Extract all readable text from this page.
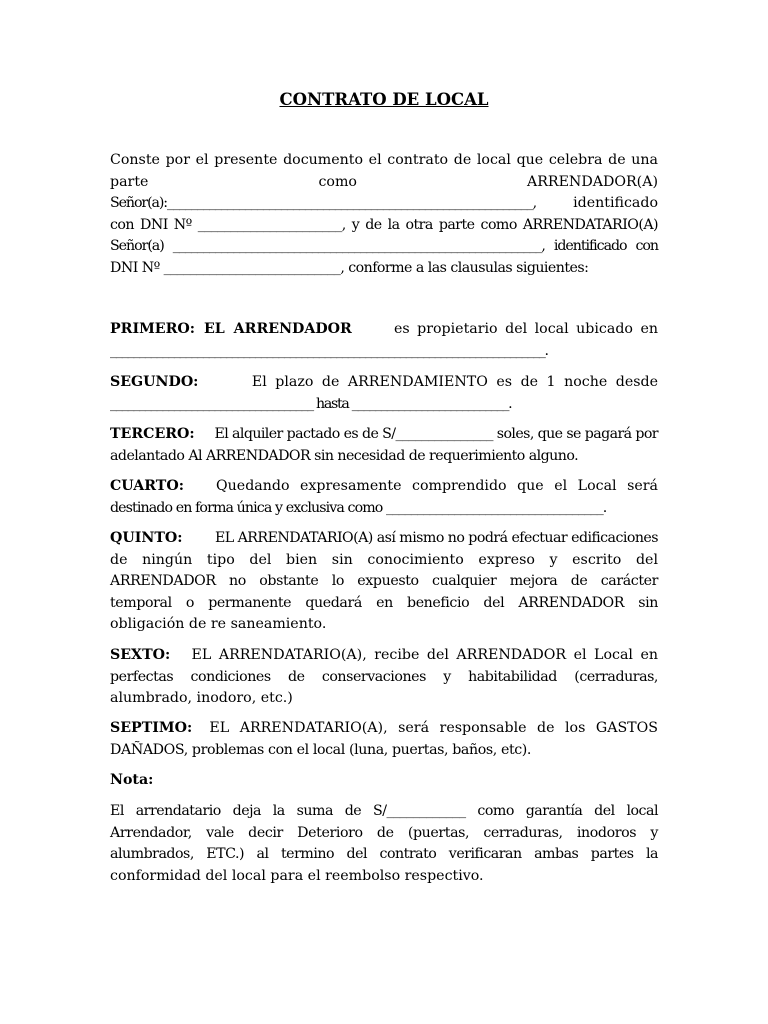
CONTRATO DE LOCAL
Conste por el presente documento el contrato de local que celebra de una
parte	como	ARRENDADOR(A)
Señor(a):_____________________________________________________________,	identificado
con DNI Nº ______________________, y de la otra parte como ARRENDATARIO(A)
Señor(a) _____________________________________________________________, identificado con
DNI Nº ___________________________, conforme a las clausulas siguientes:
PRIMERO: EL ARRENDADOR	es propietario del local ubicado en
___________________________________________________________________________.
SEGUNDO:	El plazo de ARRENDAMIENTO es de 1 noche desde
___________________________________ hasta ___________________________.
TERCERO: El alquiler pactado es de S/_______________ soles, que se pagará por
adelantado Al ARRENDADOR sin necesidad de requerimiento alguno.
CUARTO: Quedando expresamente comprendido que el Local será
destinado en forma única y exclusiva como ___________________________________.
QUINTO: EL ARRENDATARIO(A) así mismo no podrá efectuar edificaciones
de ningún tipo del bien sin conocimiento expreso y escrito del
ARRENDADOR no obstante lo expuesto cualquier mejora de carácter
temporal o permanente quedará en beneficio del ARRENDADOR sin
obligación de re saneamiento.
SEXTO: EL ARRENDATARIO(A), recibe del ARRENDADOR el Local en
perfectas condiciones de conservaciones y habitabilidad (cerraduras,
alumbrado, inodoro, etc.)
SEPTIMO: EL ARRENDATARIO(A), será responsable de los GASTOS
DAÑADOS, problemas con el local (luna, puertas, baños, etc).
Nota:
El arrendatario deja la suma de S/____________ como garantía del local
Arrendador, vale decir Deterioro de (puertas, cerraduras, inodoros y
alumbrados, ETC.) al termino del contrato verificaran ambas partes la
conformidad del local para el reembolso respectivo.
